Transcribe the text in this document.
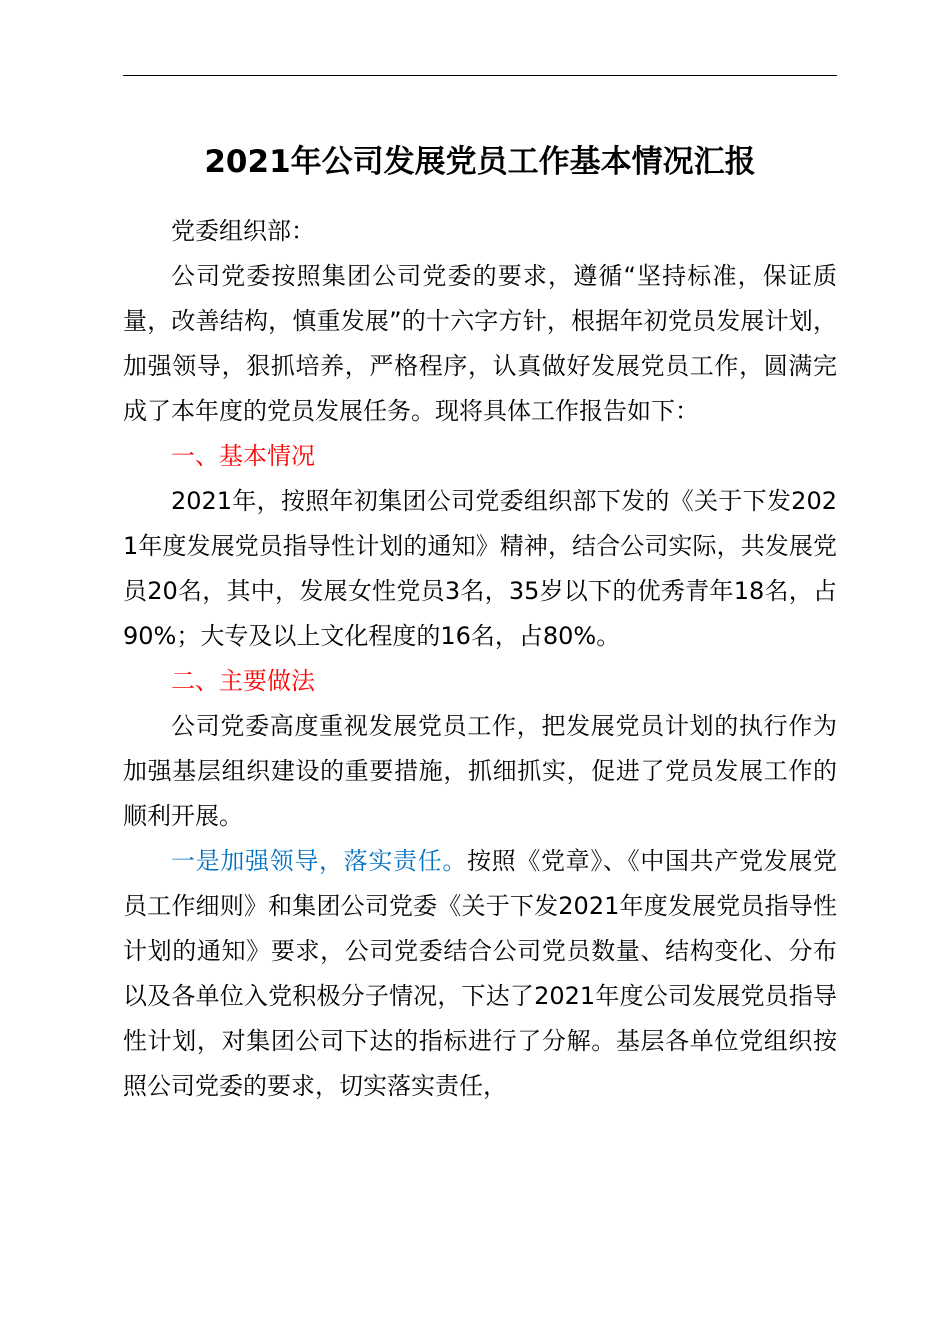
2021年公司发展党员工作基本情况汇报

党委组织部：

公司党委按照集团公司党委的要求，遵循“坚持标准，保证质量，改善结构，慎重发展”的十六字方针，根据年初党员发展计划，加强领导，狠抓培养，严格程序，认真做好发展党员工作，圆满完成了本年度的党员发展任务。现将具体工作报告如下：

一、基本情况

2021年，按照年初集团公司党委组织部下发的《关于下发2021年度发展党员指导性计划的通知》精神，结合公司实际，共发展党员20名，其中，发展女性党员3名，35岁以下的优秀青年18名，占90%；大专及以上文化程度的16名，占80%。

二、主要做法

公司党委高度重视发展党员工作，把发展党员计划的执行作为加强基层组织建设的重要措施，抓细抓实，促进了党员发展工作的顺利开展。

一是加强领导，落实责任。按照《党章》、《中国共产党发展党员工作细则》和集团公司党委《关于下发2021年度发展党员指导性计划的通知》要求，公司党委结合公司党员数量、结构变化、分布以及各单位入党积极分子情况，下达了2021年度公司发展党员指导性计划，对集团公司下达的指标进行了分解。基层各单位党组织按照公司党委的要求，切实落实责任，
